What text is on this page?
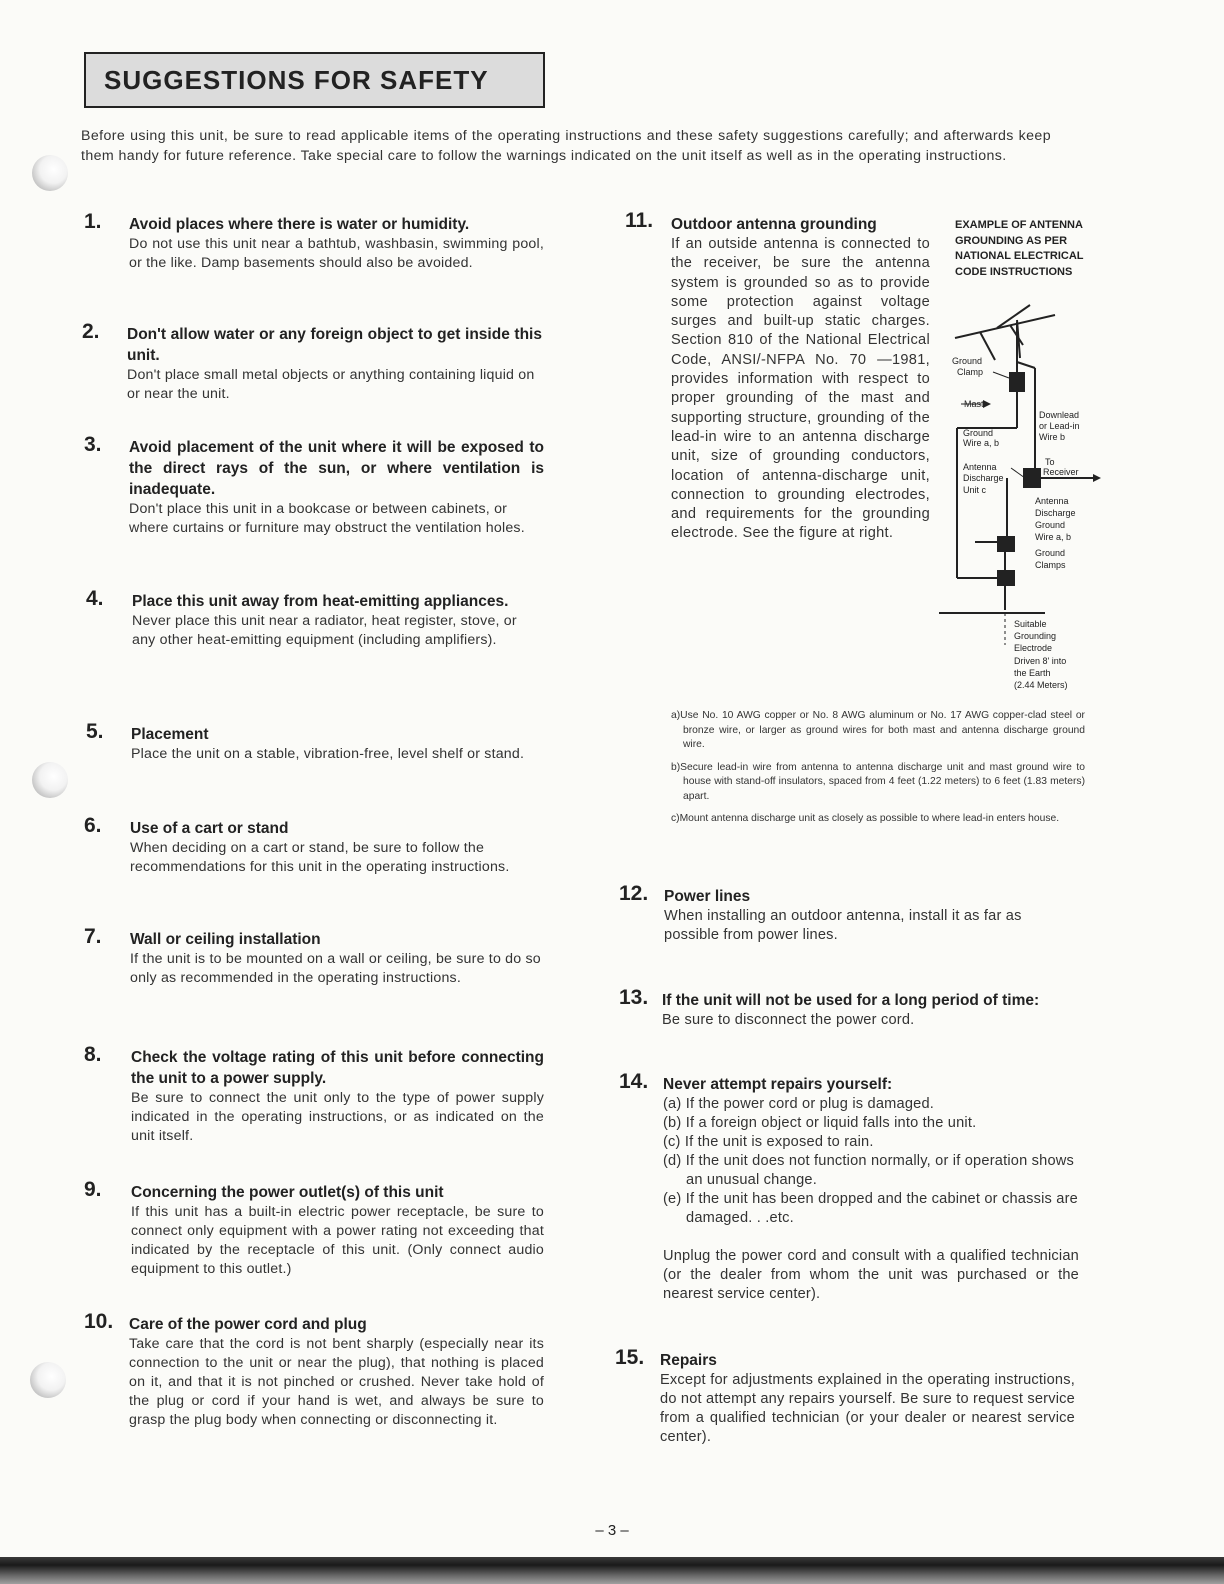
SUGGESTIONS FOR SAFETY
Before using this unit, be sure to read applicable items of the operating instructions and these safety suggestions carefully; and afterwards keep them handy for future reference. Take special care to follow the warnings indicated on the unit itself as well as in the operating instructions.
1. Avoid places where there is water or humidity.
Do not use this unit near a bathtub, washbasin, swimming pool, or the like. Damp basements should also be avoided.
2. Don't allow water or any foreign object to get inside this unit.
Don't place small metal objects or anything containing liquid on or near the unit.
3. Avoid placement of the unit where it will be exposed to the direct rays of the sun, or where ventilation is inadequate.
Don't place this unit in a bookcase or between cabinets, or where curtains or furniture may obstruct the ventilation holes.
4. Place this unit away from heat-emitting appliances.
Never place this unit near a radiator, heat register, stove, or any other heat-emitting equipment (including amplifiers).
5. Placement
Place the unit on a stable, vibration-free, level shelf or stand.
6. Use of a cart or stand
When deciding on a cart or stand, be sure to follow the recommendations for this unit in the operating instructions.
7. Wall or ceiling installation
If the unit is to be mounted on a wall or ceiling, be sure to do so only as recommended in the operating instructions.
8. Check the voltage rating of this unit before connecting the unit to a power supply.
Be sure to connect the unit only to the type of power supply indicated in the operating instructions, or as indicated on the unit itself.
9. Concerning the power outlet(s) of this unit
If this unit has a built-in electric power receptacle, be sure to connect only equipment with a power rating not exceeding that indicated by the receptacle of this unit. (Only connect audio equipment to this outlet.)
10. Care of the power cord and plug
Take care that the cord is not bent sharply (especially near its connection to the unit or near the plug), that nothing is placed on it, and that it is not pinched or crushed. Never take hold of the plug or cord if your hand is wet, and always be sure to grasp the plug body when connecting or disconnecting it.
11. Outdoor antenna grounding
If an outside antenna is connected to the receiver, be sure the antenna system is grounded so as to provide some protection against voltage surges and built-up static charges. Section 810 of the National Electrical Code, ANSI/-NFPA No. 70 —1981, provides information with respect to proper grounding of the mast and supporting structure, grounding of the lead-in wire to an antenna discharge unit, size of grounding conductors, location of antenna-discharge unit, connection to grounding electrodes, and requirements for the grounding electrode. See the figure at right.
EXAMPLE OF ANTENNA GROUNDING AS PER NATIONAL ELECTRICAL CODE INSTRUCTIONS
Ground
Clamp
Mast
Ground
Wire a, b
Antenna
Discharge
Unit c
Downlead
or Lead-in
Wire b
To
Receiver
Antenna
Discharge
Ground
Wire a, b
Ground
Clamps
Suitable
Grounding
Electrode
Driven 8' into
the Earth
(2.44 Meters)
a)Use No. 10 AWG copper or No. 8 AWG aluminum or No. 17 AWG copper-clad steel or bronze wire, or larger as ground wires for both mast and antenna discharge ground wire.
b)Secure lead-in wire from antenna to antenna discharge unit and mast ground wire to house with stand-off insulators, spaced from 4 feet (1.22 meters) to 6 feet (1.83 meters) apart.
c)Mount antenna discharge unit as closely as possible to where lead-in enters house.
12. Power lines
When installing an outdoor antenna, install it as far as possible from power lines.
13. If the unit will not be used for a long period of time:
Be sure to disconnect the power cord.
14. Never attempt repairs yourself:
(a) If the power cord or plug is damaged.
(b) If a foreign object or liquid falls into the unit.
(c) If the unit is exposed to rain.
(d) If the unit does not function normally, or if operation shows an unusual change.
(e) If the unit has been dropped and the cabinet or chassis are damaged. . .etc.
Unplug the power cord and consult with a qualified technician (or the dealer from whom the unit was purchased or the nearest service center).
15. Repairs
Except for adjustments explained in the operating instructions, do not attempt any repairs yourself. Be sure to request service from a qualified technician (or your dealer or nearest service center).
– 3 –
